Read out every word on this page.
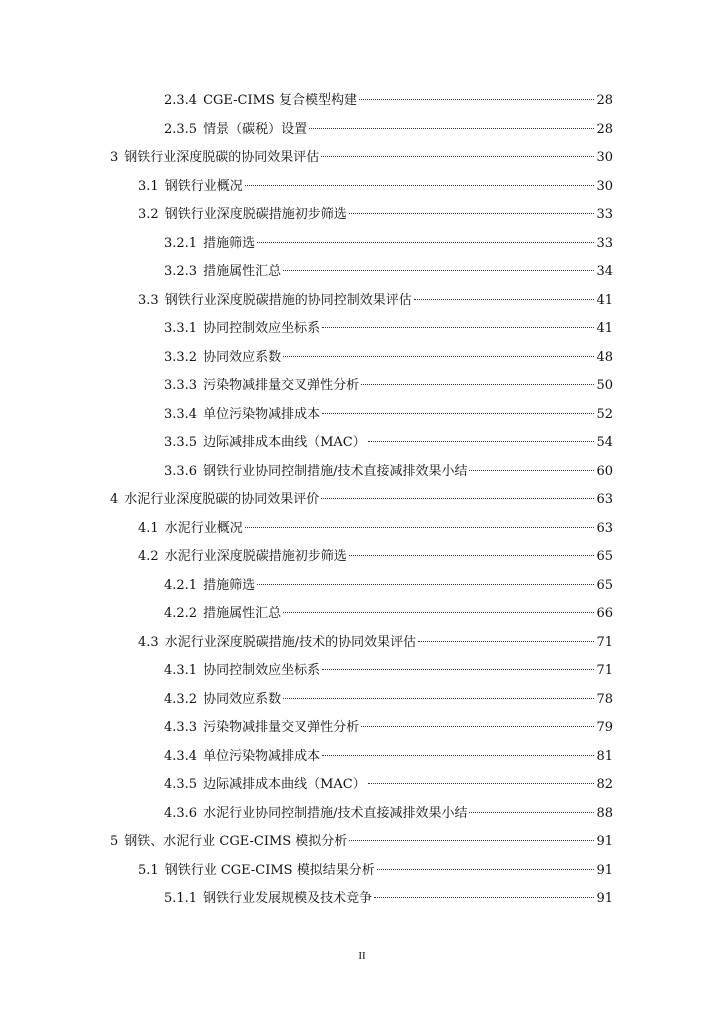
2.3.4 CGE-CIMS 复合模型构建	28
2.3.5 情景（碳税）设置	28
3 钢铁行业深度脱碳的协同效果评估	30
3.1 钢铁行业概况	30
3.2 钢铁行业深度脱碳措施初步筛选	33
3.2.1 措施筛选	33
3.2.3 措施属性汇总	34
3.3 钢铁行业深度脱碳措施的协同控制效果评估	41
3.3.1 协同控制效应坐标系	41
3.3.2 协同效应系数	48
3.3.3 污染物减排量交叉弹性分析	50
3.3.4 单位污染物减排成本	52
3.3.5 边际减排成本曲线（MAC）	54
3.3.6 钢铁行业协同控制措施/技术直接减排效果小结	60
4 水泥行业深度脱碳的协同效果评价	63
4.1 水泥行业概况	63
4.2 水泥行业深度脱碳措施初步筛选	65
4.2.1 措施筛选	65
4.2.2 措施属性汇总	66
4.3 水泥行业深度脱碳措施/技术的协同效果评估	71
4.3.1 协同控制效应坐标系	71
4.3.2 协同效应系数	78
4.3.3 污染物减排量交叉弹性分析	79
4.3.4 单位污染物减排成本	81
4.3.5 边际减排成本曲线（MAC）	82
4.3.6 水泥行业协同控制措施/技术直接减排效果小结	88
5 钢铁、水泥行业 CGE-CIMS 模拟分析	91
5.1 钢铁行业 CGE-CIMS 模拟结果分析	91
5.1.1 钢铁行业发展规模及技术竞争	91
II
